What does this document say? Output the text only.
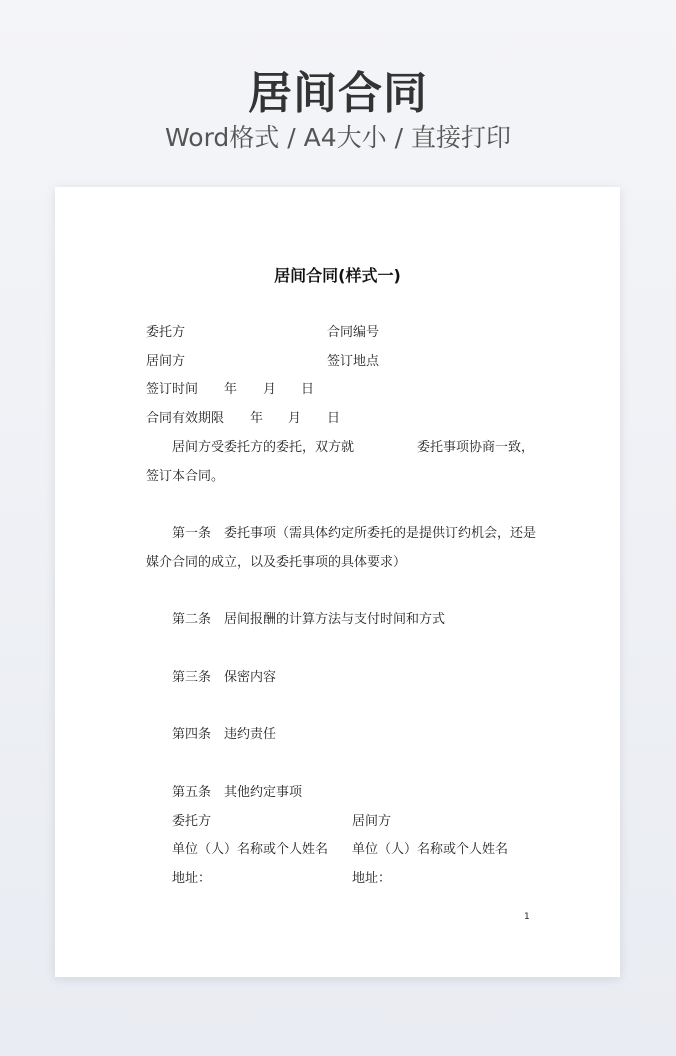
居间合同
Word格式 / A4大小 / 直接打印
居间合同(样式一)
委托方	合同编号
居间方	签订地点
签订时间 年 月 日
合同有效期限 年 月 日
居间方受委托方的委托，双方就	委托事项协商一致，
签订本合同。
第一条 委托事项（需具体约定所委托的是提供订约机会，还是
媒介合同的成立，以及委托事项的具体要求）
第二条 居间报酬的计算方法与支付时间和方式
第三条 保密内容
第四条 违约责任
第五条 其他约定事项
委托方	居间方
单位（人）名称或个人姓名 单位（人）名称或个人姓名
地址：	地址：
1
